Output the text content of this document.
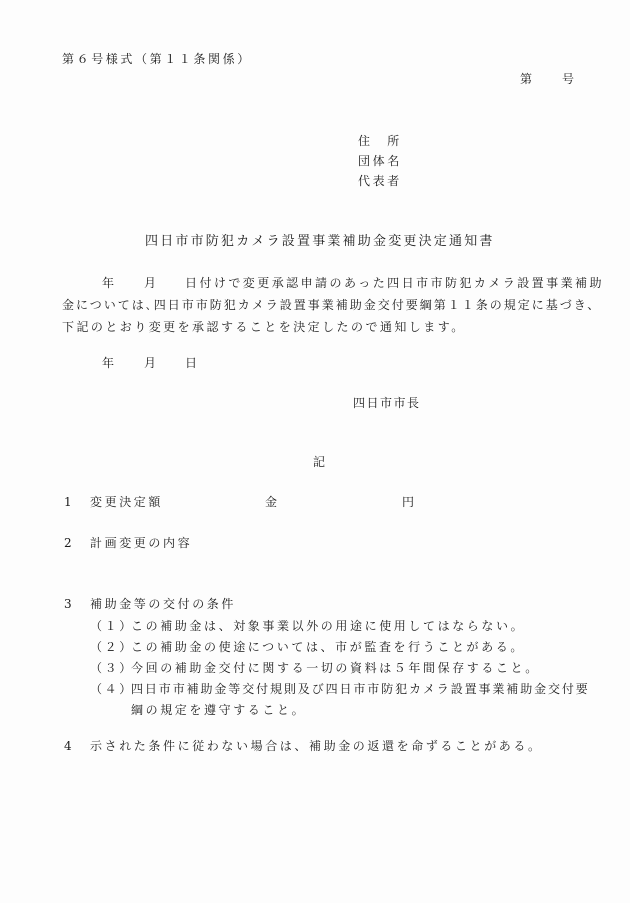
第６号様式（第１１条関係）
第 号
住　所
団体名
代表者
四日市市防犯カメラ設置事業補助金変更決定通知書
年 月 日付けで変更承認申請のあった四日市市防犯カメラ設置事業補助
金については､四日市市防犯カメラ設置事業補助金交付要綱第１１条の規定に基づき、
下記のとおり変更を承認することを決定したので通知します。
年 月 日
四日市市長
記
1 変更決定額	金	円
2 計画変更の内容
3 補助金等の交付の条件
（１）
この補助金は、対象事業以外の用途に使用してはならない。
（２）
この補助金の使途については、市が監査を行うことがある。
（３）
今回の補助金交付に関する一切の資料は５年間保存すること。
（４）
四日市市補助金等交付規則及び四日市市防犯カメラ設置事業補助金交付要
綱の規定を遵守すること。
4 示された条件に従わない場合は、補助金の返還を命ずることがある。
